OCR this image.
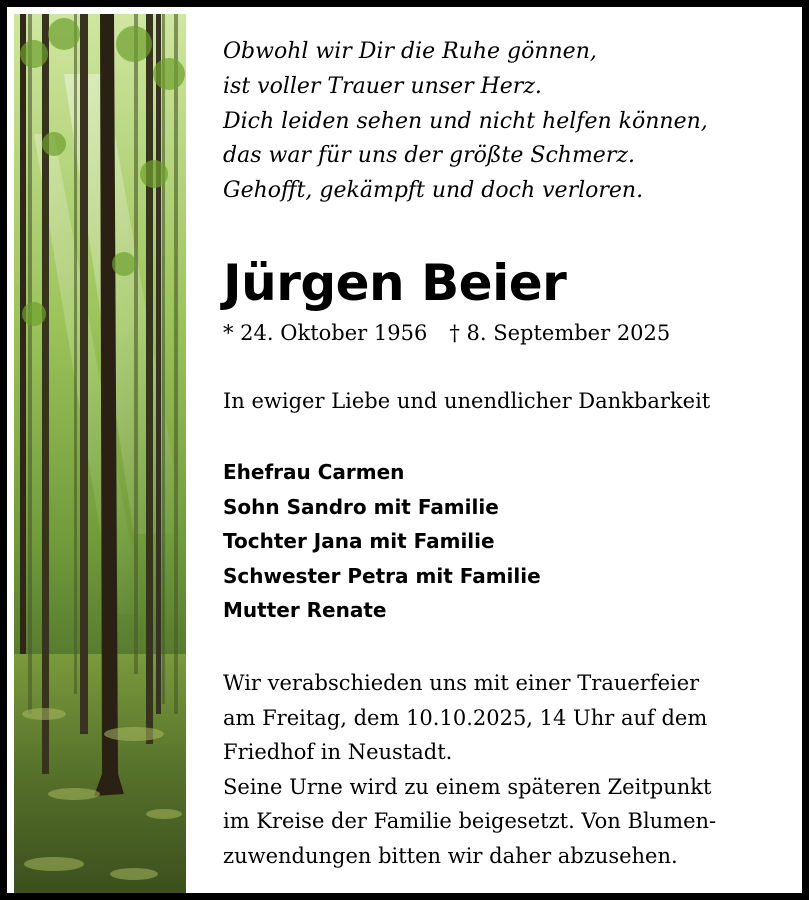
Obwohl wir Dir die Ruhe gönnen,
ist voller Trauer unser Herz.
Dich leiden sehen und nicht helfen können,
das war für uns der größte Schmerz.
Gehofft, gekämpft und doch verloren.
Jürgen Beier
* 24. Oktober 1956 † 8. September 2025
In ewiger Liebe und unendlicher Dankbarkeit
Ehefrau Carmen
Sohn Sandro mit Familie
Tochter Jana mit Familie
Schwester Petra mit Familie
Mutter Renate
Wir verabschieden uns mit einer Trauerfeier
am Freitag, dem 10.10.2025, 14 Uhr auf dem
Friedhof in Neustadt.
Seine Urne wird zu einem späteren Zeitpunkt
im Kreise der Familie beigesetzt. Von Blumen-
zuwendungen bitten wir daher abzusehen.
